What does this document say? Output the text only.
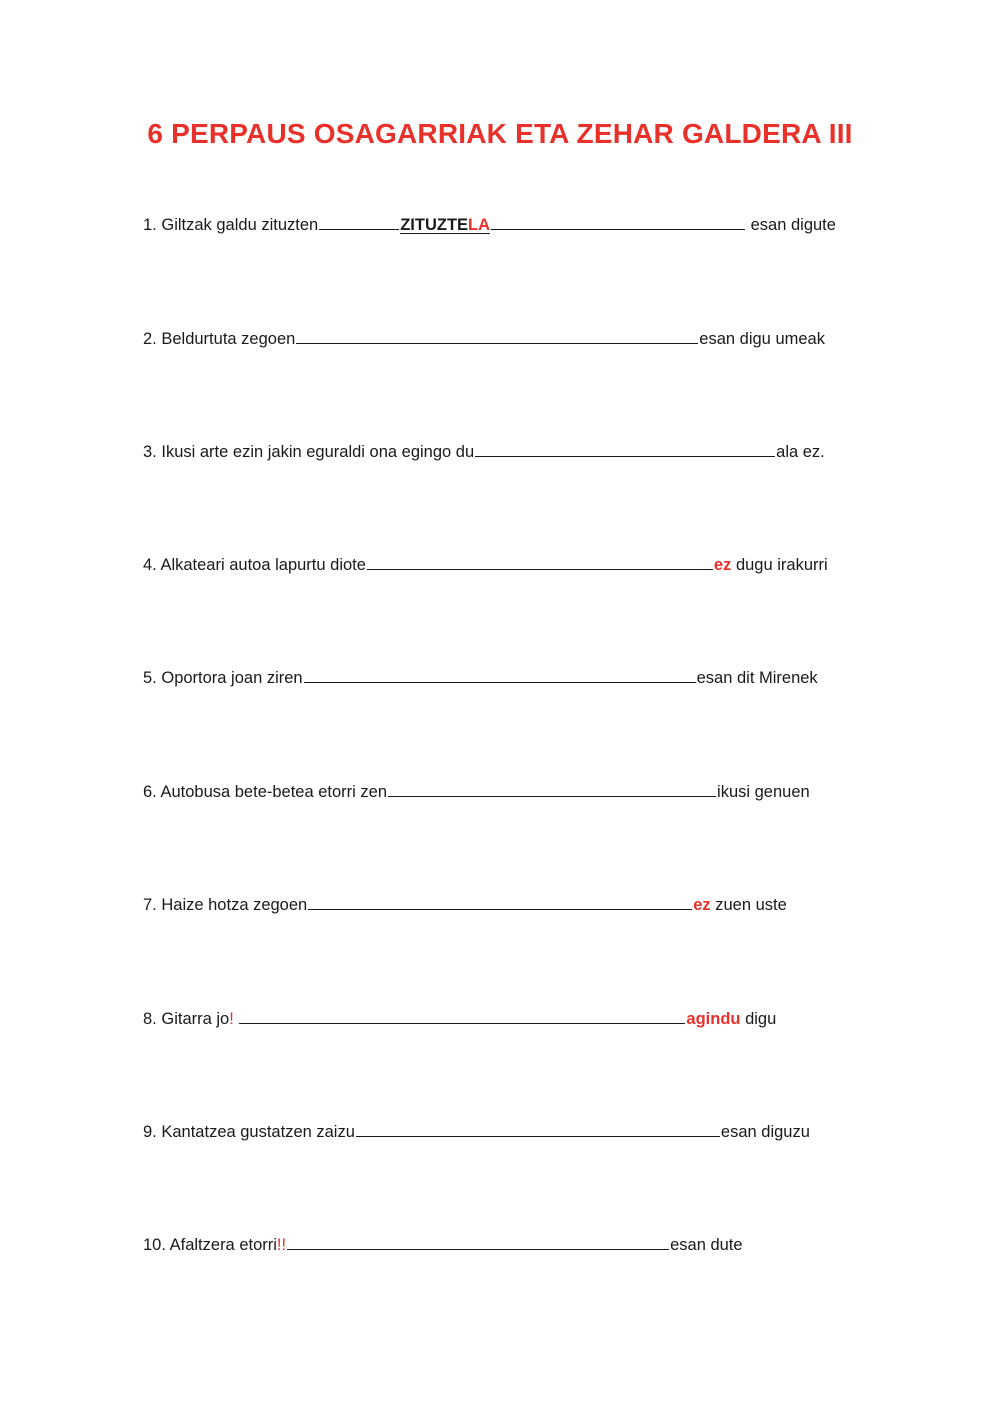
6 PERPAUS OSAGARRIAK ETA ZEHAR GALDERA III
1. Giltzak galdu zituzten	ZITUZTELA	esan digute
2. Beldurtuta zegoen	esan digu umeak
3. Ikusi arte ezin jakin eguraldi ona egingo du	ala ez.
4. Alkateari autoa lapurtu diote	ez dugu irakurri
5. Oportora joan ziren	esan dit Mirenek
6. Autobusa bete-betea etorri zen	ikusi genuen
7. Haize hotza zegoen	ez zuen uste
8. Gitarra jo!	agindu digu
9. Kantatzea gustatzen zaizu	esan diguzu
10. Afaltzera etorri!!	esan dute
